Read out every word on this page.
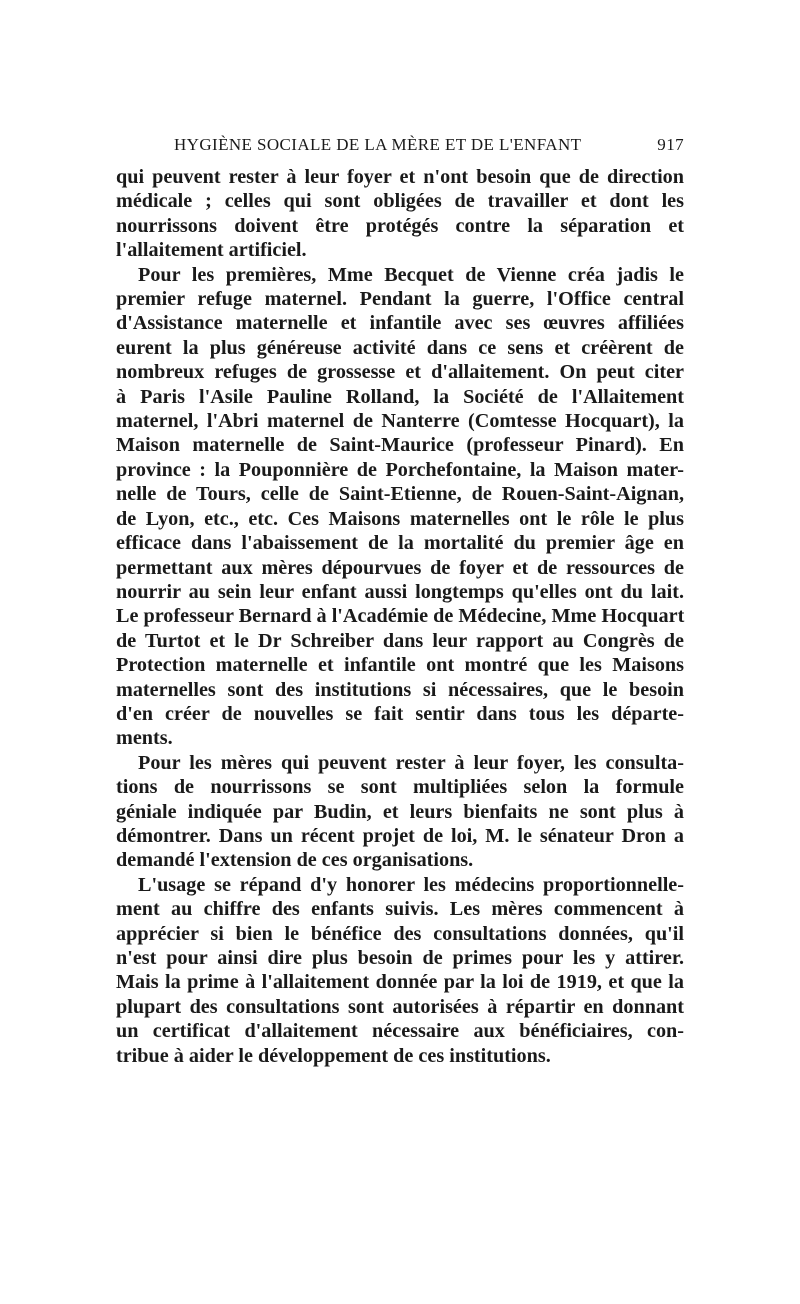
HYGIÈNE SOCIALE DE LA MÈRE ET DE L'ENFANT	917
qui peuvent rester à leur foyer et n'ont besoin que de direction
médicale ; celles qui sont obligées de travailler et dont les
nourrissons doivent être protégés contre la séparation et
l'allaitement artificiel.
Pour les premières, Mme Becquet de Vienne créa jadis le
premier refuge maternel. Pendant la guerre, l'Office central
d'Assistance maternelle et infantile avec ses œuvres affiliées
eurent la plus généreuse activité dans ce sens et créèrent de
nombreux refuges de grossesse et d'allaitement. On peut citer
à Paris l'Asile Pauline Rolland, la Société de l'Allaitement
maternel, l'Abri maternel de Nanterre (Comtesse Hocquart), la
Maison maternelle de Saint-Maurice (professeur Pinard). En
province : la Pouponnière de Porchefontaine, la Maison mater-
nelle de Tours, celle de Saint-Etienne, de Rouen-Saint-Aignan,
de Lyon, etc., etc. Ces Maisons maternelles ont le rôle le plus
efficace dans l'abaissement de la mortalité du premier âge en
permettant aux mères dépourvues de foyer et de ressources de
nourrir au sein leur enfant aussi longtemps qu'elles ont du lait.
Le professeur Bernard à l'Académie de Médecine, Mme Hocquart
de Turtot et le Dr Schreiber dans leur rapport au Congrès de
Protection maternelle et infantile ont montré que les Maisons
maternelles sont des institutions si nécessaires, que le besoin
d'en créer de nouvelles se fait sentir dans tous les départe-
ments.
Pour les mères qui peuvent rester à leur foyer, les consulta-
tions de nourrissons se sont multipliées selon la formule
géniale indiquée par Budin, et leurs bienfaits ne sont plus à
démontrer. Dans un récent projet de loi, M. le sénateur Dron a
demandé l'extension de ces organisations.
L'usage se répand d'y honorer les médecins proportionnelle-
ment au chiffre des enfants suivis. Les mères commencent à
apprécier si bien le bénéfice des consultations données, qu'il
n'est pour ainsi dire plus besoin de primes pour les y attirer.
Mais la prime à l'allaitement donnée par la loi de 1919, et que la
plupart des consultations sont autorisées à répartir en donnant
un certificat d'allaitement nécessaire aux bénéficiaires, con-
tribue à aider le développement de ces institutions.
